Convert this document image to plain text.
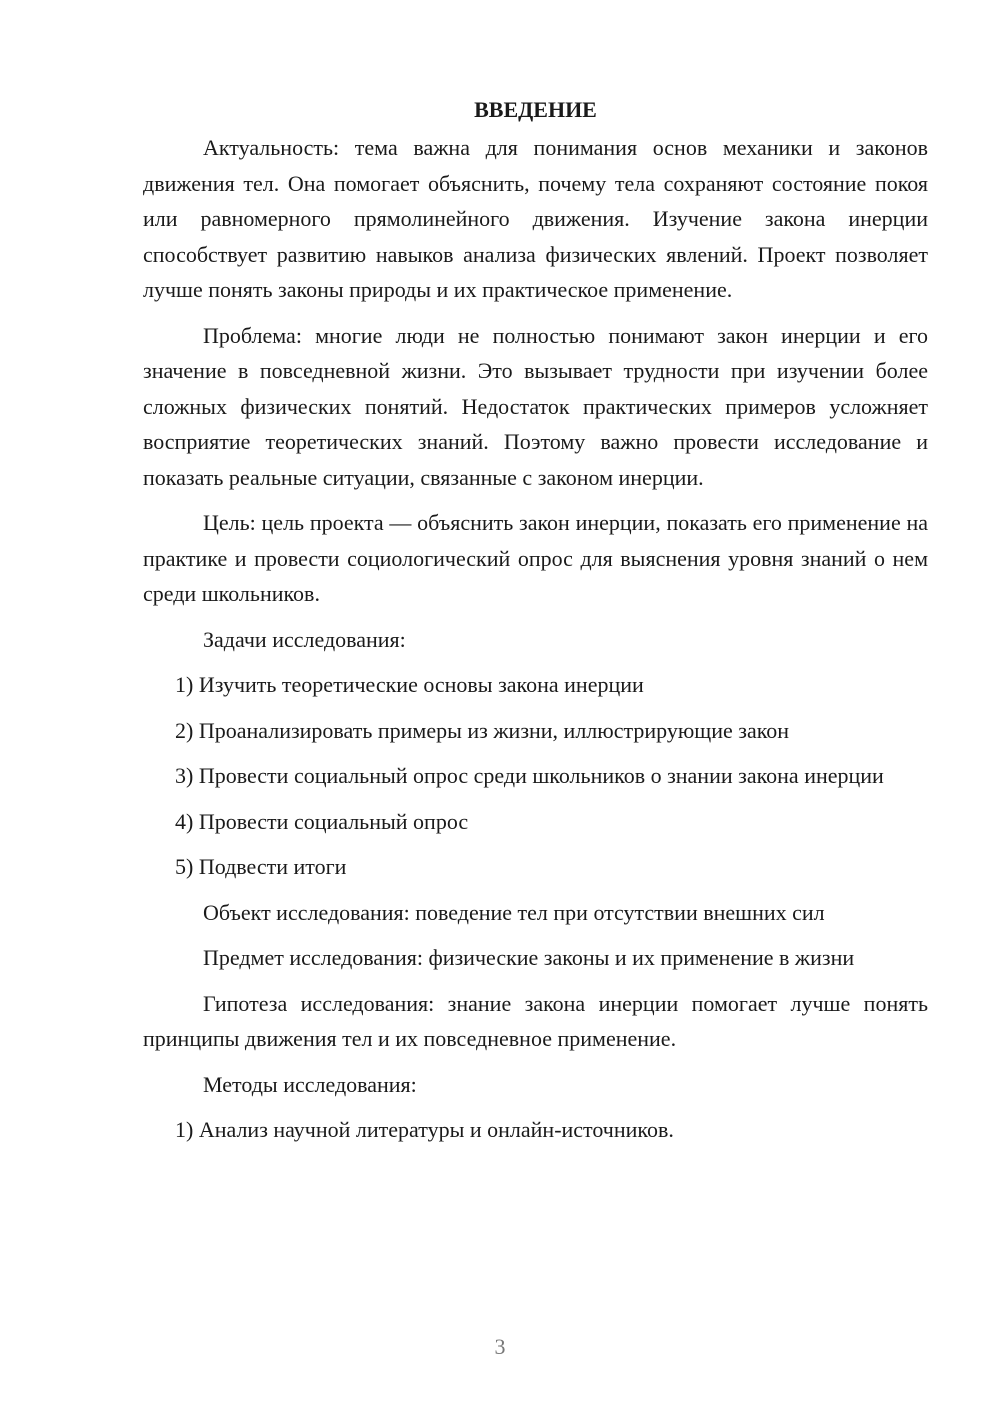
ВВЕДЕНИЕ

Актуальность: тема важна для понимания основ механики и законов движения тел. Она помогает объяснить, почему тела сохраняют состояние покоя или равномерного прямолинейного движения. Изучение закона инерции способствует развитию навыков анализа физических явлений. Проект позволяет лучше понять законы природы и их практическое применение.

Проблема: многие люди не полностью понимают закон инерции и его значение в повседневной жизни. Это вызывает трудности при изучении более сложных физических понятий. Недостаток практических примеров усложняет восприятие теоретических знаний. Поэтому важно провести исследование и показать реальные ситуации, связанные с законом инерции.

Цель: цель проекта — объяснить закон инерции, показать его применение на практике и провести социологический опрос для выяснения уровня знаний о нем среди школьников.

Задачи исследования:

1) Изучить теоретические основы закона инерции

2) Проанализировать примеры из жизни, иллюстрирующие закон

3) Провести социальный опрос среди школьников о знании закона инерции

4) Провести социальный опрос

5) Подвести итоги

Объект исследования: поведение тел при отсутствии внешних сил

Предмет исследования: физические законы и их применение в жизни

Гипотеза исследования: знание закона инерции помогает лучше понять принципы движения тел и их повседневное применение.

Методы исследования:

1) Анализ научной литературы и онлайн-источников.

3
